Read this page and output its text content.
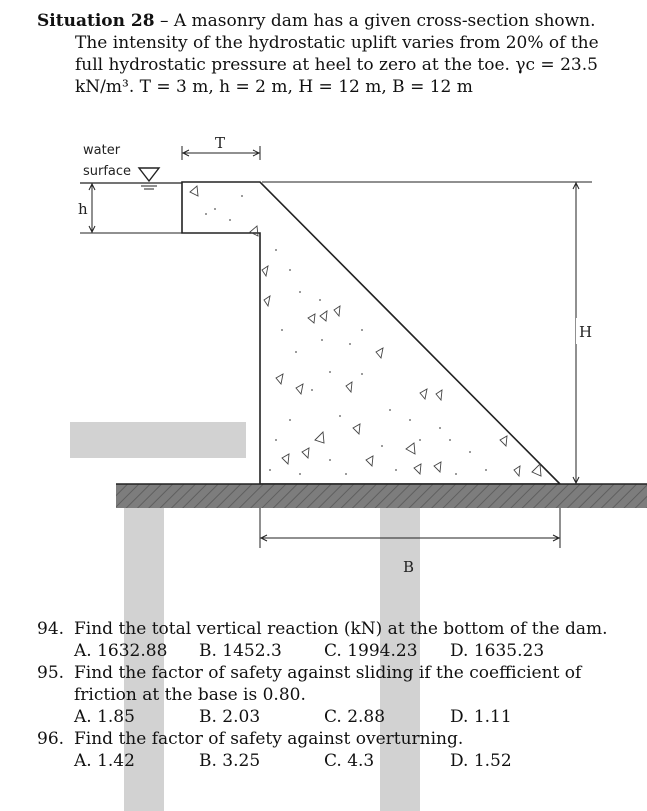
Situation 28 – A masonry dam has a given cross-section shown.
The intensity of the hydrostatic uplift varies from 20% of the
full hydrostatic pressure at heel to zero at the toe. γc = 23.5
kN/m³. T = 3 m, h = 2 m, H = 12 m, B = 12 m
water
surface
h
T
H
B
94. Find the total vertical reaction (kN) at the bottom of the dam.
A. 1632.88 B. 1452.3 C. 1994.23 D. 1635.23
95. Find the factor of safety against sliding if the coefficient of
friction at the base is 0.80.
A. 1.85	B. 2.03	C. 2.88	D. 1.11
96. Find the factor of safety against overturning.
A. 1.42	B. 3.25	C. 4.3	D. 1.52
